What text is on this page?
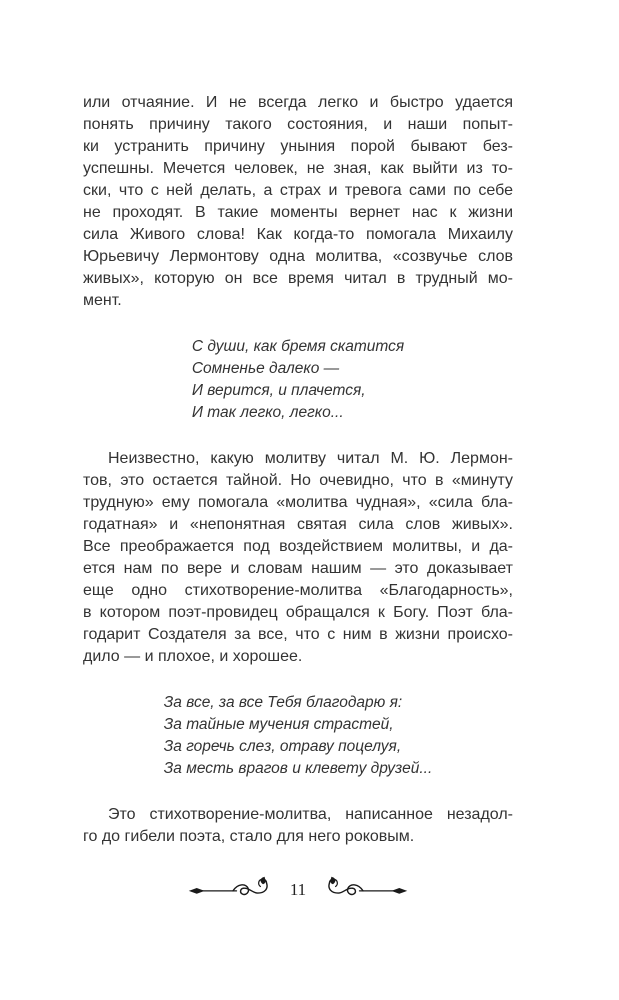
или отчаяние. И не всегда легко и быстро удается
понять причину такого состояния, и наши попыт-
ки устранить причину уныния порой бывают без-
успешны. Мечется человек, не зная, как выйти из то-
ски, что с ней делать, а страх и тревога сами по себе
не проходят. В такие моменты вернет нас к жизни
сила Живого слова! Как когда-то помогала Михаилу
Юрьевичу Лермонтову одна молитва, «созвучье слов
живых», которую он все время читал в трудный мо-
мент.
С души, как бремя скатится
Сомненье далеко —
И верится, и плачется,
И так легко, легко...
Неизвестно, какую молитву читал М. Ю. Лермон-
тов, это остается тайной. Но очевидно, что в «минуту
трудную» ему помогала «молитва чудная», «сила бла-
годатная» и «непонятная святая сила слов живых».
Все преображается под воздействием молитвы, и да-
ется нам по вере и словам нашим — это доказывает
еще одно стихотворение-молитва «Благодарность»,
в котором поэт-провидец обращался к Богу. Поэт бла-
годарит Создателя за все, что с ним в жизни происхо-
дило — и плохое, и хорошее.
За все, за все Тебя благодарю я:
За тайные мучения страстей,
За горечь слез, отраву поцелуя,
За месть врагов и клевету друзей...
Это стихотворение-молитва, написанное незадол-
го до гибели поэта, стало для него роковым.
11
